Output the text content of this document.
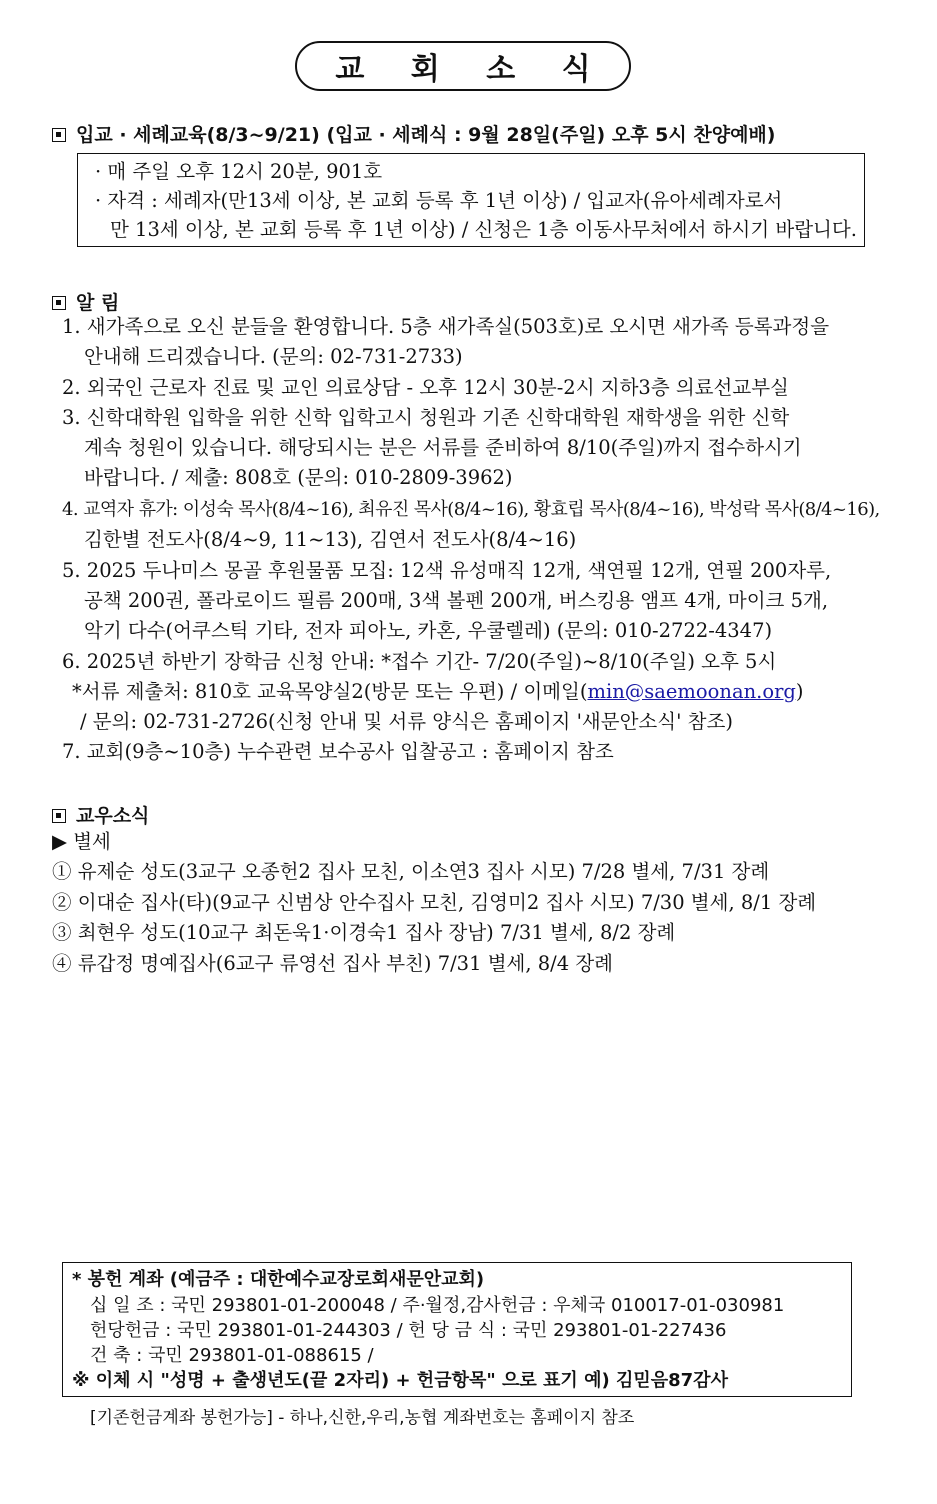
교 회 소 식
입교 · 세례교육(8/3~9/21) (입교 · 세례식 : 9월 28일(주일) 오후 5시 찬양예배)
· 매 주일 오후 12시 20분, 901호
· 자격 : 세례자(만13세 이상, 본 교회 등록 후 1년 이상) / 입교자(유아세례자로서
만 13세 이상, 본 교회 등록 후 1년 이상) / 신청은 1층 이동사무처에서 하시기 바랍니다.
알 림
1. 새가족으로 오신 분들을 환영합니다. 5층 새가족실(503호)로 오시면 새가족 등록과정을
안내해 드리겠습니다. (문의: 02-731-2733)
2. 외국인 근로자 진료 및 교인 의료상담 - 오후 12시 30분-2시 지하3층 의료선교부실
3. 신학대학원 입학을 위한 신학 입학고시 청원과 기존 신학대학원 재학생을 위한 신학
계속 청원이 있습니다. 해당되시는 분은 서류를 준비하여 8/10(주일)까지 접수하시기
바랍니다. / 제출: 808호 (문의: 010-2809-3962)
4. 교역자 휴가: 이성숙 목사(8/4~16), 최유진 목사(8/4~16), 황효립 목사(8/4~16), 박성락 목사(8/4~16),
김한별 전도사(8/4~9, 11~13), 김연서 전도사(8/4~16)
5. 2025 두나미스 몽골 후원물품 모집: 12색 유성매직 12개, 색연필 12개, 연필 200자루,
공책 200권, 폴라로이드 필름 200매, 3색 볼펜 200개, 버스킹용 앰프 4개, 마이크 5개,
악기 다수(어쿠스틱 기타, 전자 피아노, 카혼, 우쿨렐레) (문의: 010-2722-4347)
6. 2025년 하반기 장학금 신청 안내: *접수 기간- 7/20(주일)~8/10(주일) 오후 5시
*서류 제출처: 810호 교육목양실2(방문 또는 우편) / 이메일(min@saemoonan.org)
/ 문의: 02-731-2726(신청 안내 및 서류 양식은 홈페이지 '새문안소식' 참조)
7. 교회(9층~10층) 누수관련 보수공사 입찰공고 : 홈페이지 참조
교우소식
▶ 별세
① 유제순 성도(3교구 오종헌2 집사 모친, 이소연3 집사 시모) 7/28 별세, 7/31 장례
② 이대순 집사(타)(9교구 신범상 안수집사 모친, 김영미2 집사 시모) 7/30 별세, 8/1 장례
③ 최현우 성도(10교구 최돈욱1·이경숙1 집사 장남) 7/31 별세, 8/2 장례
④ 류갑정 명예집사(6교구 류영선 집사 부친) 7/31 별세, 8/4 장례
* 봉헌 계좌 (예금주 : 대한예수교장로회새문안교회)
십 일 조 : 국민 293801-01-200048 / 주·월정,감사헌금 : 우체국 010017-01-030981
헌당헌금 : 국민 293801-01-244303 / 헌 당 금 식 : 국민 293801-01-227436
건 축 : 국민 293801-01-088615 /
※ 이체 시 "성명 + 출생년도(끝 2자리) + 헌금항목" 으로 표기 예) 김믿음87감사
[기존헌금계좌 봉헌가능] - 하나,신한,우리,농협 계좌번호는 홈페이지 참조
